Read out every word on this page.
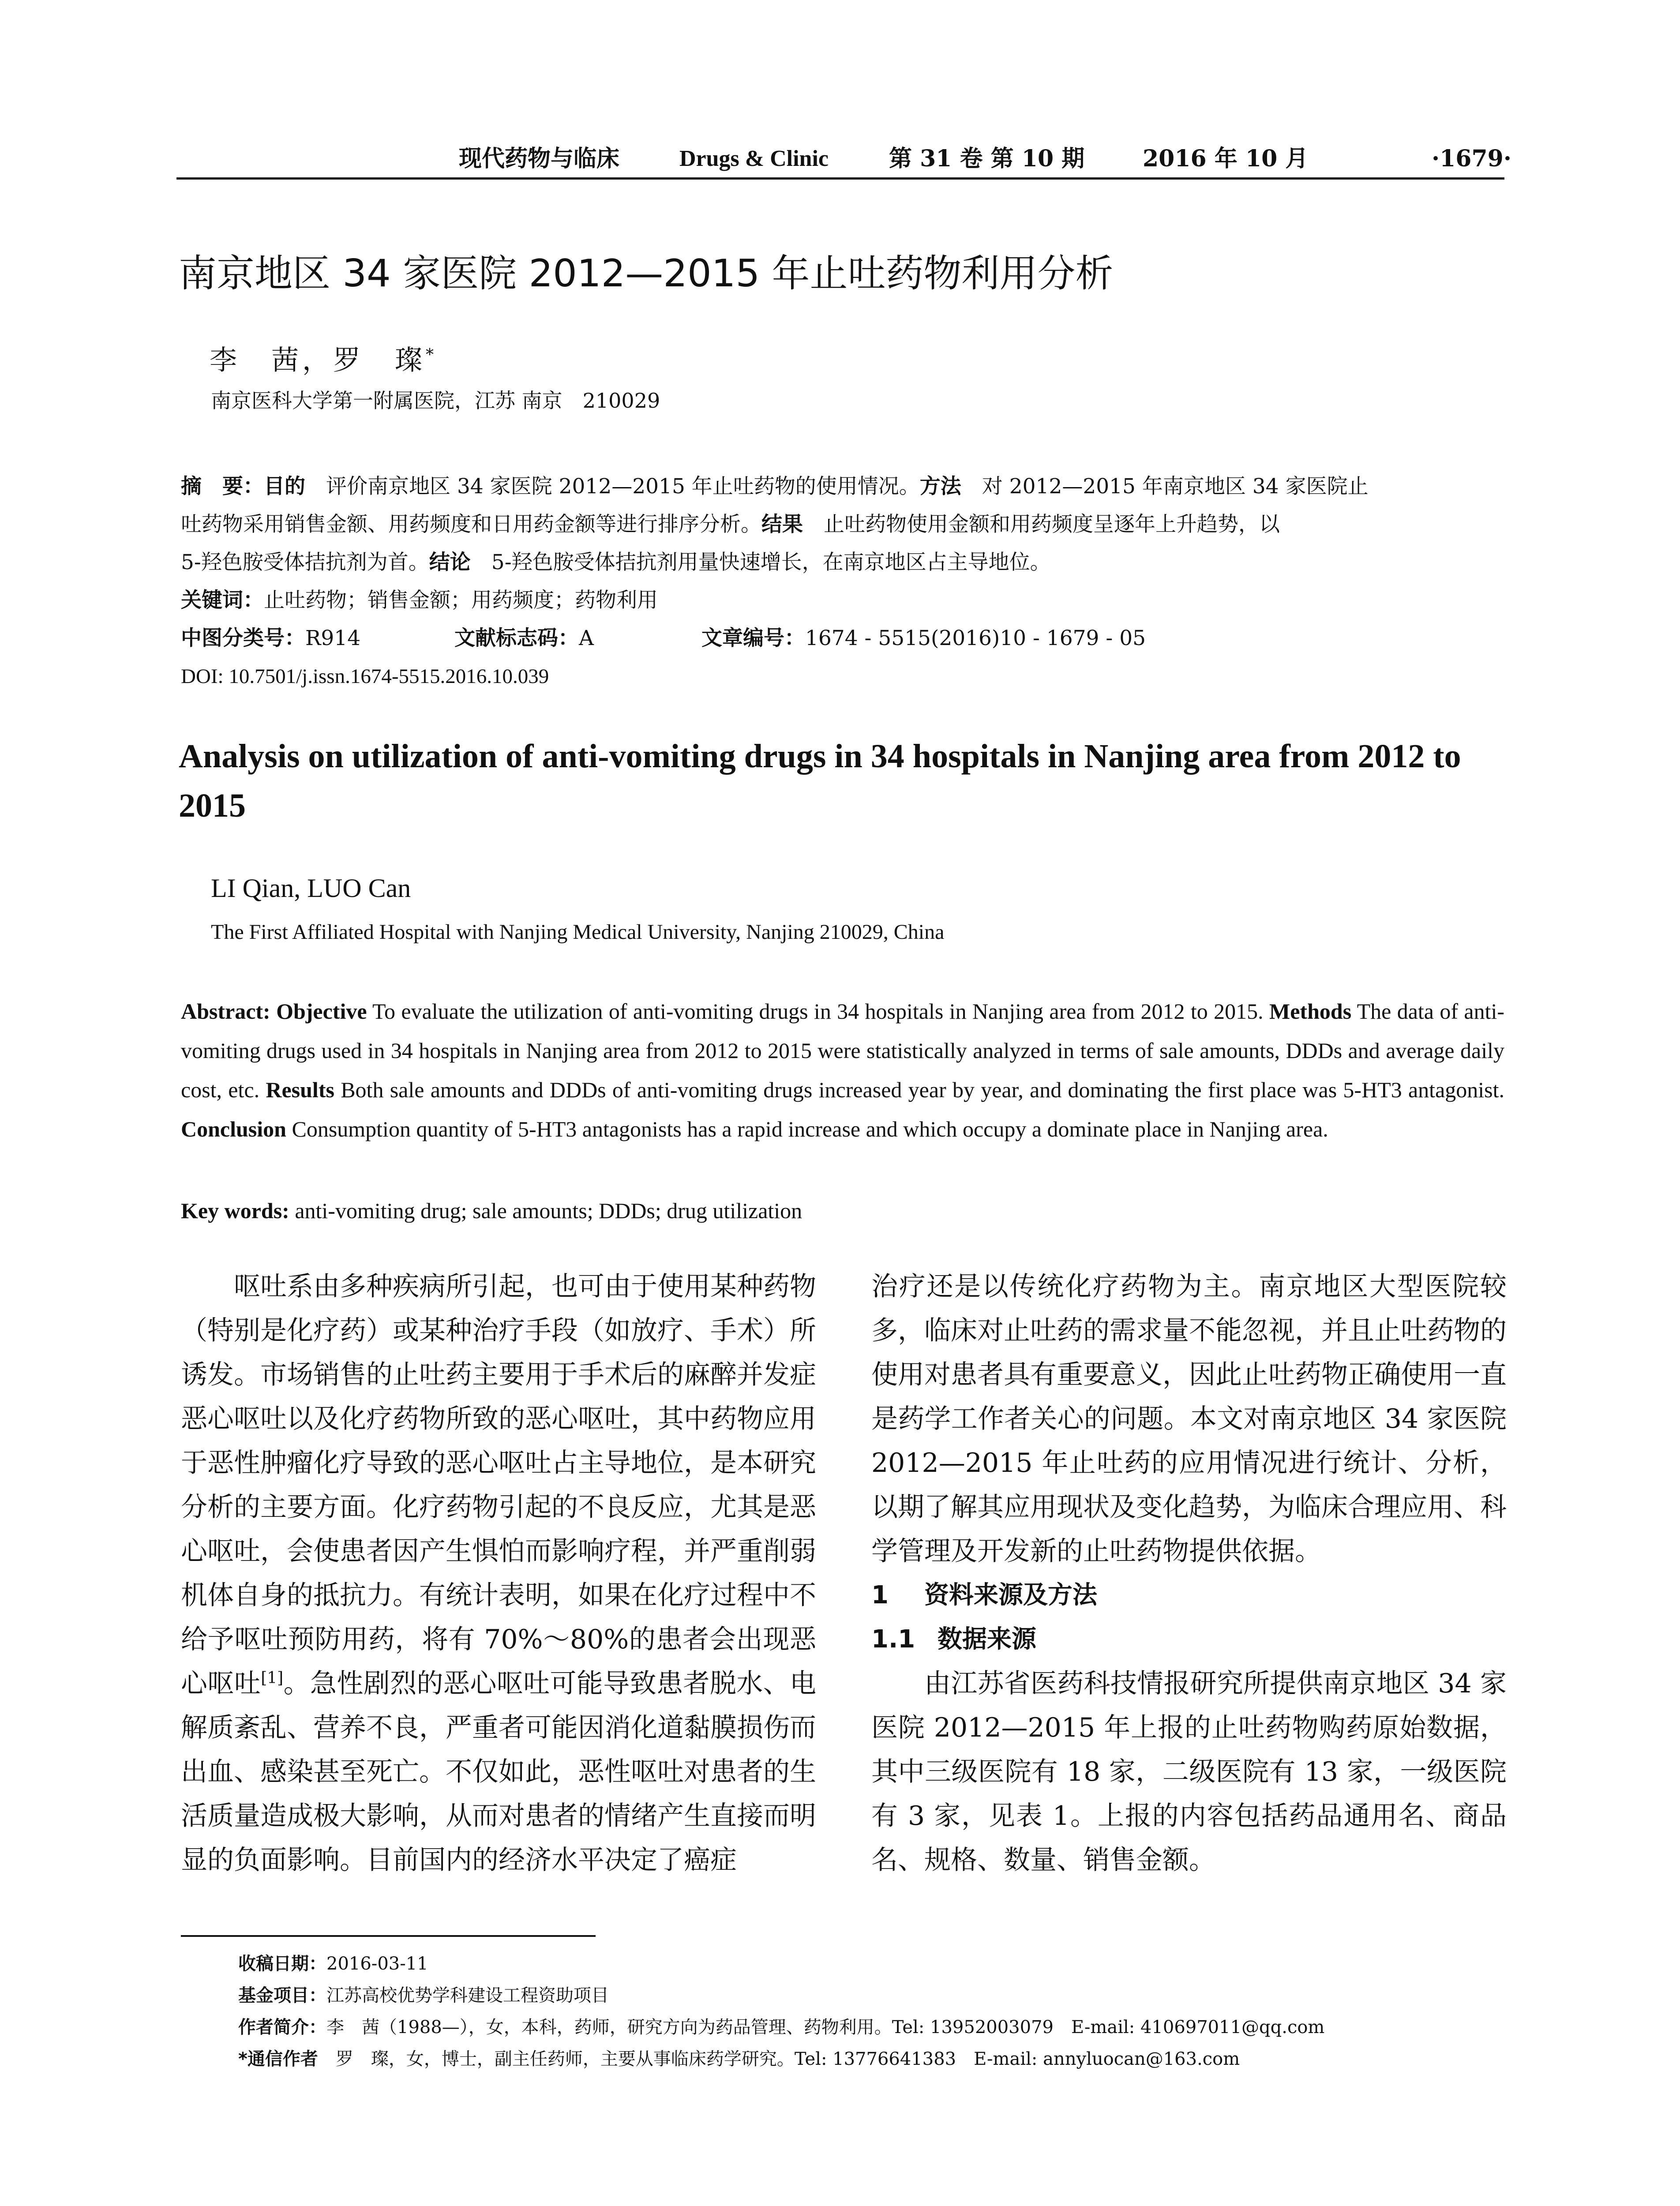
现代药物与临床	Drugs & Clinic	第 31 卷 第 10 期	2016 年 10 月	·1679·
南京地区 34 家医院 2012—2015 年止吐药物利用分析
李　茜，罗　璨*
南京医科大学第一附属医院，江苏 南京　210029
摘　要：目的　评价南京地区 34 家医院 2012—2015 年止吐药物的使用情况。方法　对 2012—2015 年南京地区 34 家医院止
吐药物采用销售金额、用药频度和日用药金额等进行排序分析。结果　止吐药物使用金额和用药频度呈逐年上升趋势，以
5-羟色胺受体拮抗剂为首。结论　5-羟色胺受体拮抗剂用量快速增长，在南京地区占主导地位。
关键词：止吐药物；销售金额；用药频度；药物利用
中图分类号：R914	文献标志码：A	文章编号：1674 - 5515(2016)10 - 1679 - 05
DOI: 10.7501/j.issn.1674-5515.2016.10.039
Analysis on utilization of anti-vomiting drugs in 34 hospitals in Nanjing area from 2012 to 2015
LI Qian, LUO Can
The First Affiliated Hospital with Nanjing Medical University, Nanjing 210029, China
Abstract: Objective To evaluate the utilization of anti-vomiting drugs in 34 hospitals in Nanjing area from 2012 to 2015. Methods The data of anti-vomiting drugs used in 34 hospitals in Nanjing area from 2012 to 2015 were statistically analyzed in terms of sale amounts, DDDs and average daily cost, etc. Results Both sale amounts and DDDs of anti-vomiting drugs increased year by year, and dominating the first place was 5-HT3 antagonist. Conclusion Consumption quantity of 5-HT3 antagonists has a rapid increase and which occupy a dominate place in Nanjing area.
Key words: anti-vomiting drug; sale amounts; DDDs; drug utilization

呕吐系由多种疾病所引起，也可由于使用某种药物（特别是化疗药）或某种治疗手段（如放疗、手术）所诱发。市场销售的止吐药主要用于手术后的麻醉并发症恶心呕吐以及化疗药物所致的恶心呕吐，其中药物应用于恶性肿瘤化疗导致的恶心呕吐占主导地位，是本研究分析的主要方面。化疗药物引起的不良反应，尤其是恶心呕吐，会使患者因产生惧怕而影响疗程，并严重削弱机体自身的抵抗力。有统计表明，如果在化疗过程中不给予呕吐预防用药，将有 70%～80%的患者会出现恶心呕吐[1]。急性剧烈的恶心呕吐可能导致患者脱水、电解质紊乱、营养不良，严重者可能因消化道黏膜损伤而出血、感染甚至死亡。不仅如此，恶性呕吐对患者的生活质量造成极大影响，从而对患者的情绪产生直接而明显的负面影响。目前国内的经济水平决定了癌症

治疗还是以传统化疗药物为主。南京地区大型医院较多，临床对止吐药的需求量不能忽视，并且止吐药物的使用对患者具有重要意义，因此止吐药物正确使用一直是药学工作者关心的问题。本文对南京地区 34 家医院 2012—2015 年止吐药的应用情况进行统计、分析，以期了解其应用现状及变化趋势，为临床合理应用、科学管理及开发新的止吐药物提供依据。

1 资料来源及方法
1.1 数据来源

由江苏省医药科技情报研究所提供南京地区 34 家医院 2012—2015 年上报的止吐药物购药原始数据，其中三级医院有 18 家，二级医院有 13 家，一级医院有 3 家，见表 1。上报的内容包括药品通用名、商品名、规格、数量、销售金额。

收稿日期：2016-03-11
基金项目：江苏高校优势学科建设工程资助项目
作者简介：李　茜（1988—），女，本科，药师，研究方向为药品管理、药物利用。Tel: 13952003079　E-mail: 410697011@qq.com
*通信作者　罗　璨，女，博士，副主任药师，主要从事临床药学研究。Tel: 13776641383　E-mail: annyluocan@163.com
